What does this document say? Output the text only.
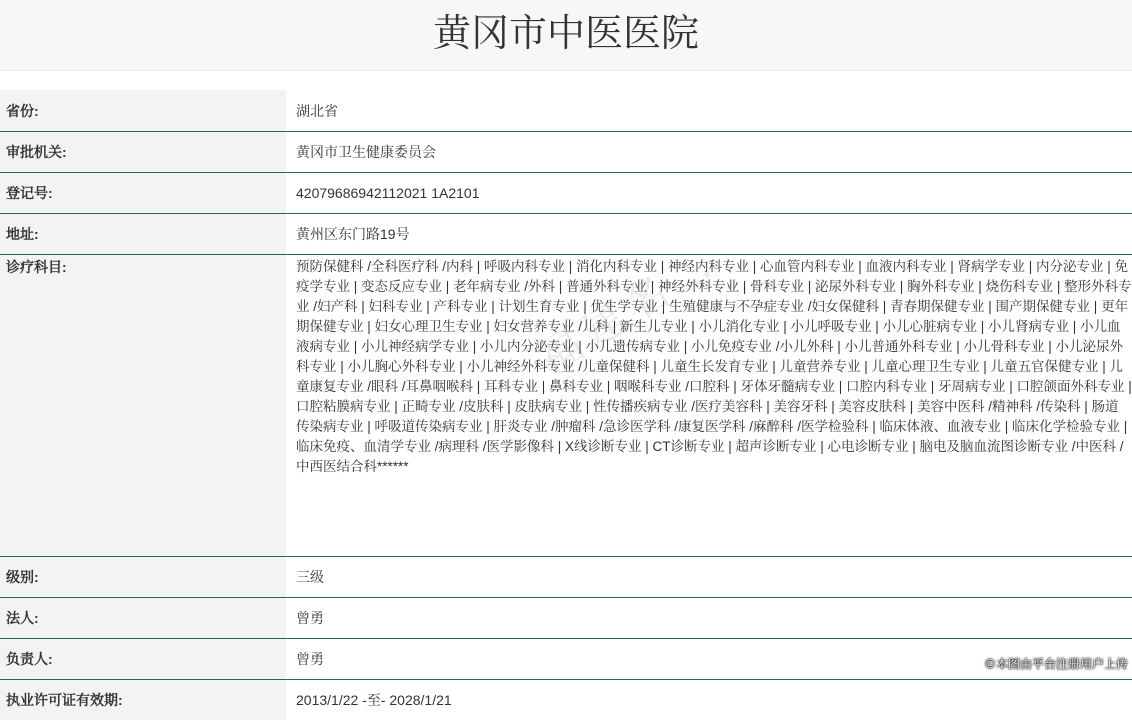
黄冈市中医医院
省份:	湖北省
审批机关:	黄冈市卫生健康委员会
登记号:	42079686942112021 1A2101
地址:	黄州区东门路19号
诊疗科目:	预防保健科 /全科医疗科 /内科 | 呼吸内科专业 | 消化内科专业 | 神经内科专业 | 心血管内科专业 | 血液内科专业 | 肾病学专业 | 内分泌专业 | 免疫学专业 | 变态反应专业 | 老年病专业 /外科 | 普通外科专业 | 神经外科专业 | 骨科专业 | 泌尿外科专业 | 胸外科专业 | 烧伤科专业 | 整形外科专业 /妇产科 | 妇科专业 | 产科专业 | 计划生育专业 | 优生学专业 | 生殖健康与不孕症专业 /妇女保健科 | 青春期保健专业 | 围产期保健专业 | 更年期保健专业 | 妇女心理卫生专业 | 妇女营养专业 /儿科 | 新生儿专业 | 小儿消化专业 | 小儿呼吸专业 | 小儿心脏病专业 | 小儿肾病专业 | 小儿血液病专业 | 小儿神经病学专业 | 小儿内分泌专业 | 小儿遗传病专业 | 小儿免疫专业 /小儿外科 | 小儿普通外科专业 | 小儿骨科专业 | 小儿泌尿外科专业 | 小儿胸心外科专业 | 小儿神经外科专业 /儿童保健科 | 儿童生长发育专业 | 儿童营养专业 | 儿童心理卫生专业 | 儿童五官保健专业 | 儿童康复专业 /眼科 /耳鼻咽喉科 | 耳科专业 | 鼻科专业 | 咽喉科专业 /口腔科 | 牙体牙髓病专业 | 口腔内科专业 | 牙周病专业 | 口腔颌面外科专业 | 口腔粘膜病专业 | 正畸专业 /皮肤科 | 皮肤病专业 | 性传播疾病专业 /医疗美容科 | 美容牙科 | 美容皮肤科 | 美容中医科 /精神科 /传染科 | 肠道传染病专业 | 呼吸道传染病专业 | 肝炎专业 /肿瘤科 /急诊医学科 /康复医学科 /麻醉科 /医学检验科 | 临床体液、血液专业 | 临床化学检验专业 | 临床免疫、血清学专业 /病理科 /医学影像科 | X线诊断专业 | CT诊断专业 | 超声诊断专业 | 心电诊断专业 | 脑电及脑血流图诊断专业 /中医科 /中西医结合科******
级别:	三级
法人:	曾勇
负责人:	曾勇
执业许可证有效期:	2013/1/22 -至- 2028/1/21
福建名…
©本图由平台注册用户上传
